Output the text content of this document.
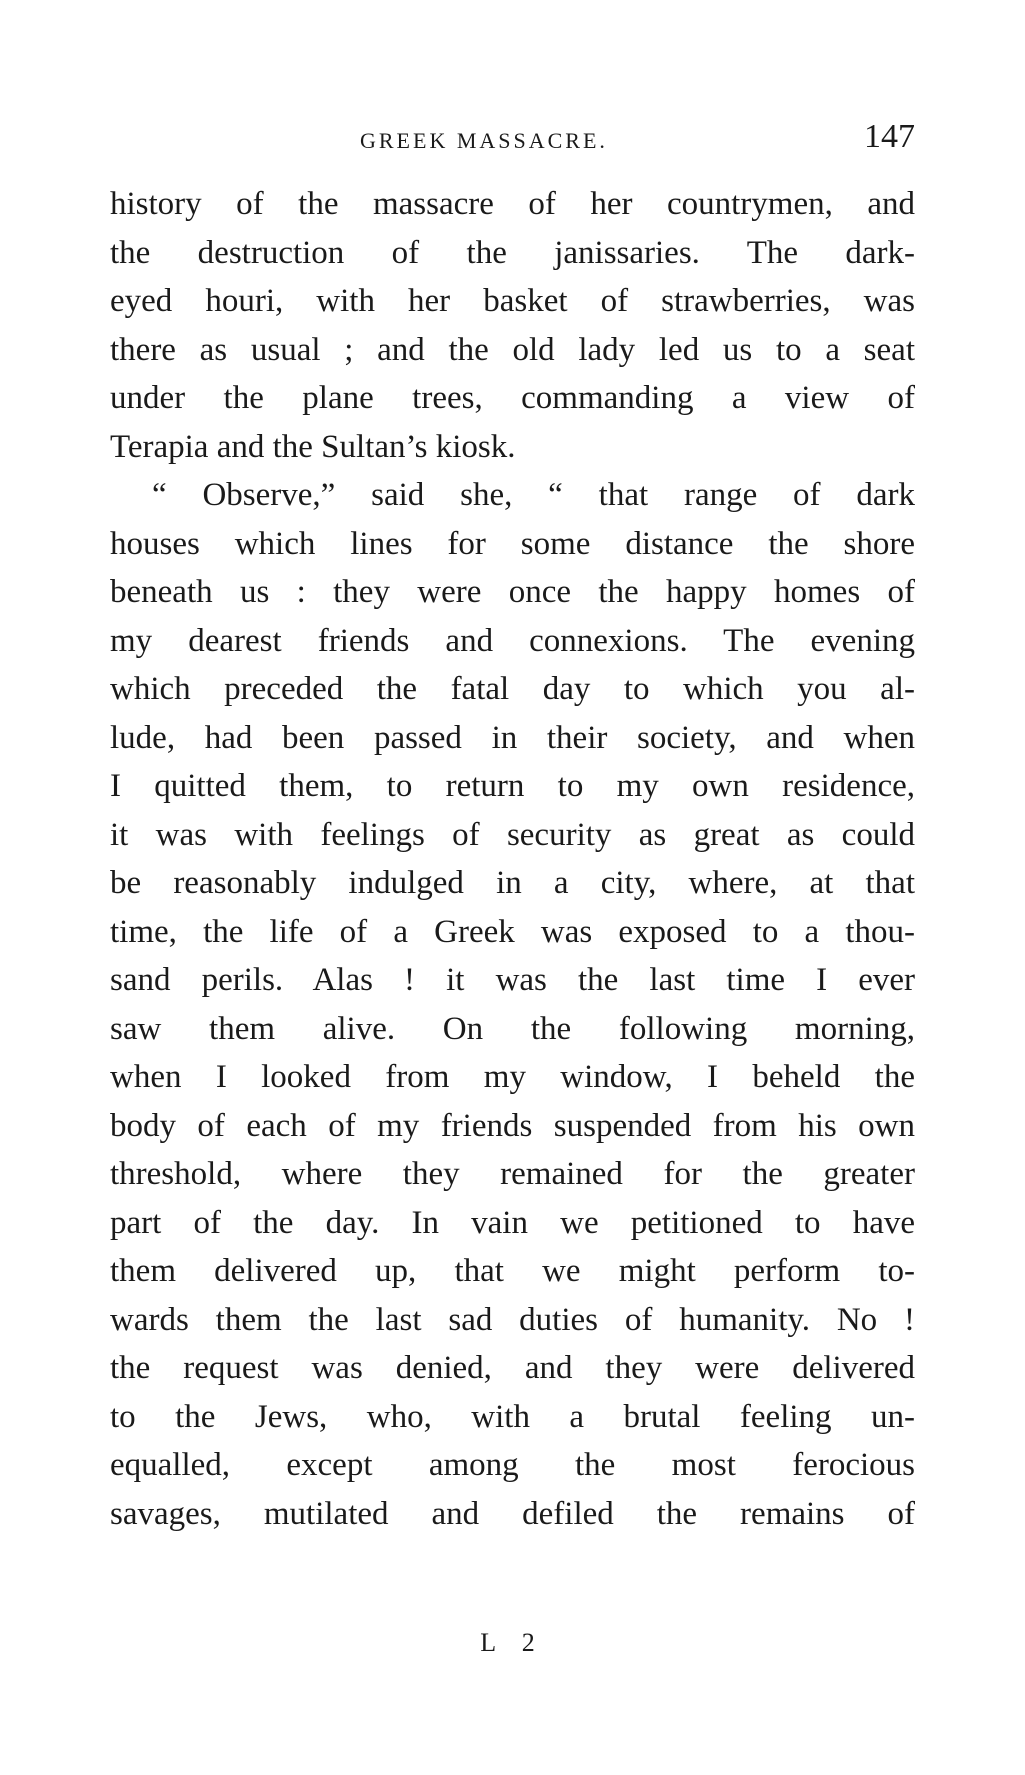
GREEK MASSACRE.	147
history of the massacre of her countrymen, and
the destruction of the janissaries. The dark-
eyed houri, with her basket of strawberries, was
there as usual ; and the old lady led us to a seat
under the plane trees, commanding a view of
Terapia and the Sultan’s kiosk.
“ Observe,” said she, “ that range of dark
houses which lines for some distance the shore
beneath us : they were once the happy homes of
my dearest friends and connexions. The evening
which preceded the fatal day to which you al-
lude, had been passed in their society, and when
I quitted them, to return to my own residence,
it was with feelings of security as great as could
be reasonably indulged in a city, where, at that
time, the life of a Greek was exposed to a thou-
sand perils. Alas ! it was the last time I ever
saw them alive. On the following morning,
when I looked from my window, I beheld the
body of each of my friends suspended from his own
threshold, where they remained for the greater
part of the day. In vain we petitioned to have
them delivered up, that we might perform to-
wards them the last sad duties of humanity. No !
the request was denied, and they were delivered
to the Jews, who, with a brutal feeling un-
equalled, except among the most ferocious
savages, mutilated and defiled the remains of
L 2
